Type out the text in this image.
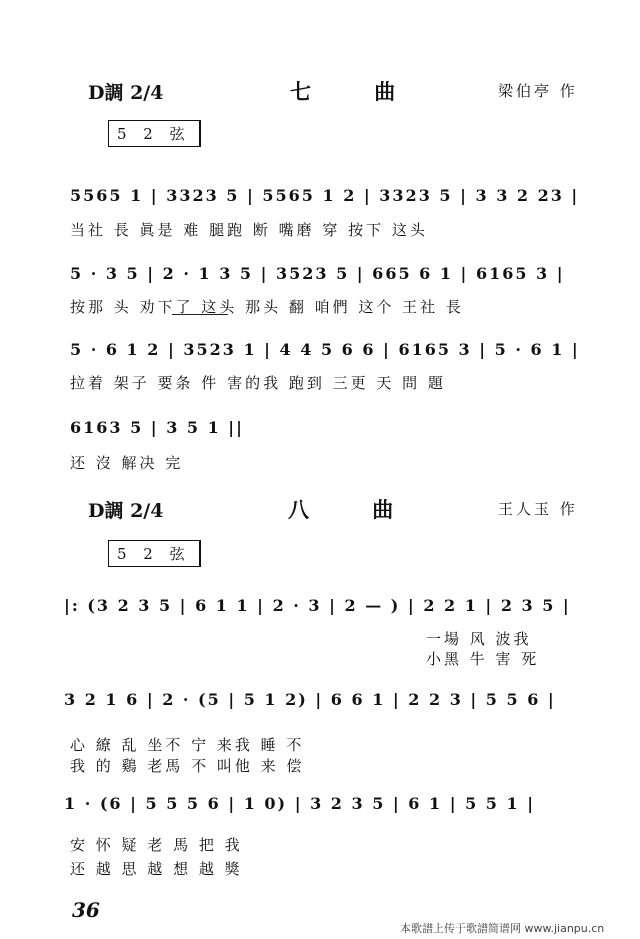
D調 2/4	七 曲	梁伯亭 作
5 2 弦
5565 1 | 3323 5 | 5565 1 2 | 3323 5 | 3 3 2 23 |
当社 長 眞是 难 腿跑 断 嘴磨 穿 按下 这头
5 · 3 5 | 2 · 1 3 5 | 3523 5 | 665 6 1 | 6165 3 |
按那 头 劝下了 这头 那头 翻 咱們 这个 王社 長
5 · 6 1 2 | 3523 1 | 4 4 5 6 6 | 6165 3 | 5 · 6 1 |
拉着 架子 要条 件 害的我 跑到 三更 天 問 題
6163 5 | 3 5 1 ||
还 沒 解决 完
D調 2/4	八 曲	王人玉 作
5 2 弦
|: (3 2 3 5 | 6 1 1 | 2 · 3 | 2 — ) | 2 2 1 | 2 3 5 |
一場 风 波我
小黑 牛 害 死
3 2 1 6 | 2 · (5 | 5 1 2) | 6 6 1 | 2 2 3 | 5 5 6 |
心 繚 乱 坐不 宁 来我 睡 不
我 的 鷄 老馬 不 叫他 来 偿
1 · (6 | 5 5 5 6 | 1 0) | 3 2 3 5 | 6 1 | 5 5 1 |
安 怀 疑 老 馬 把 我
还 越 思 越 想 越 獎
36
本歌譜上传于歌譜简谱网 www.jianpu.cn
